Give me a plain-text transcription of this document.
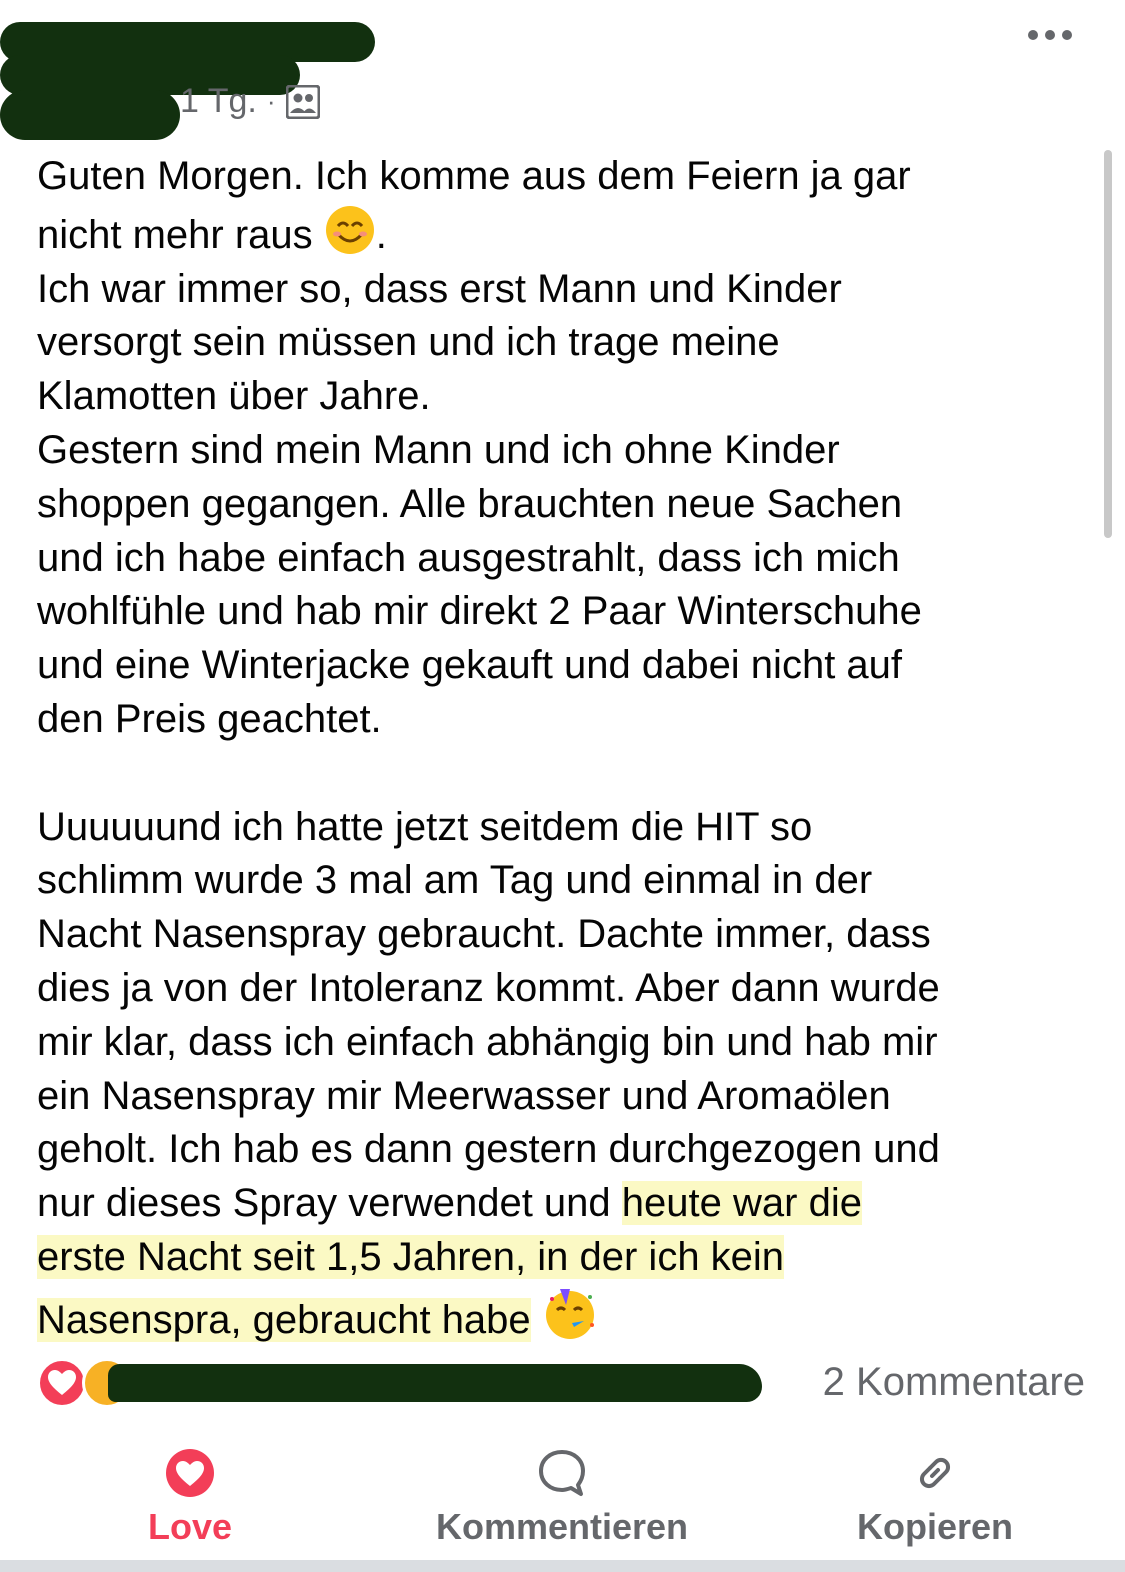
1 Tg. ·

Guten Morgen. Ich komme aus dem Feiern ja gar
nicht mehr raus .
Ich war immer so, dass erst Mann und Kinder
versorgt sein müssen und ich trage meine
Klamotten über Jahre.
Gestern sind mein Mann und ich ohne Kinder
shoppen gegangen. Alle brauchten neue Sachen
und ich habe einfach ausgestrahlt, dass ich mich
wohlfühle und hab mir direkt 2 Paar Winterschuhe
und eine Winterjacke gekauft und dabei nicht auf
den Preis geachtet.

Uuuuuund ich hatte jetzt seitdem die HIT so
schlimm wurde 3 mal am Tag und einmal in der
Nacht Nasenspray gebraucht. Dachte immer, dass
dies ja von der Intoleranz kommt. Aber dann wurde
mir klar, dass ich einfach abhängig bin und hab mir
ein Nasenspray mir Meerwasser und Aromaölen
geholt. Ich hab es dann gestern durchgezogen und
nur dieses Spray verwendet und heute war die
erste Nacht seit 1,5 Jahren, in der ich kein
Nasenspra, gebraucht habe

2 Kommentare
Love	Kommentieren	Kopieren
